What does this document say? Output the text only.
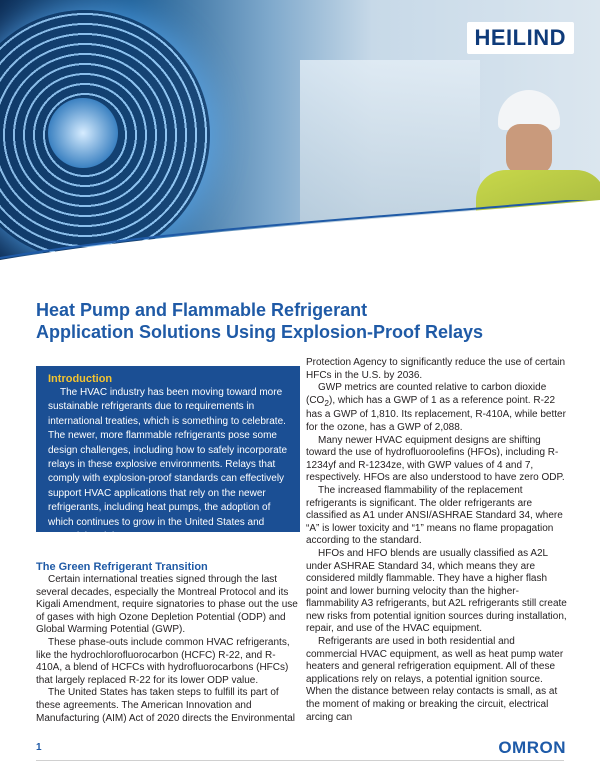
HEILIND
Heat Pump and Flammable Refrigerant
Application Solutions Using Explosion-Proof Relays
Introduction

The HVAC industry has been moving toward more sustainable refrigerants due to requirements in international treaties, which is something to celebrate. The newer, more flammable refrigerants pose some design challenges, including how to safely incorporate relays in these explosive environments. Relays that comply with explosion-proof standards can effectively support HVAC applications that rely on the newer refrigerants, including heat pumps, the adoption of which continues to grow in the United States and around the globe.

The Green Refrigerant Transition

Certain international treaties signed through the last several decades, especially the Montreal Protocol and its Kigali Amendment, require signatories to phase out the use of gases with high Ozone Depletion Potential (ODP) and Global Warming Potential (GWP).

These phase-outs include common HVAC refrigerants, like the hydrochlorofluorocarbon (HCFC) R-22, and R-410A, a blend of HCFCs with hydrofluorocarbons (HFCs) that largely replaced R-22 for its lower ODP value.

The United States has taken steps to fulfill its part of these agreements. The American Innovation and Manufacturing (AIM) Act of 2020 directs the Environmental

Protection Agency to significantly reduce the use of certain HFCs in the U.S. by 2036.

GWP metrics are counted relative to carbon dioxide $(CO_2)$, which has a GWP of 1 as a reference point. R-22 has a GWP of 1,810. Its replacement, R-410A, while better for the ozone, has a GWP of 2,088.

Many newer HVAC equipment designs are shifting toward the use of hydrofluoroolefins (HFOs), including R-1234yf and R-1234ze, with GWP values of 4 and 7, respectively. HFOs are also understood to have zero ODP.

The increased flammability of the replacement refrigerants is significant. The older refrigerants are classified as A1 under ANSI/ASHRAE Standard 34, where “A” is lower toxicity and “1” means no flame propagation according to the standard.

HFOs and HFO blends are usually classified as A2L under ASHRAE Standard 34, which means they are considered mildly flammable. They have a higher flash point and lower burning velocity than the higher-flammability A3 refrigerants, but A2L refrigerants still create new risks from potential ignition sources during installation, repair, and use of the HVAC equipment.

Refrigerants are used in both residential and commercial HVAC equipment, as well as heat pump water heaters and general refrigeration equipment. All of these applications rely on relays, a potential ignition source. When the distance between relay contacts is small, as at the moment of making or breaking the circuit, electrical arcing can

1	OMRON
